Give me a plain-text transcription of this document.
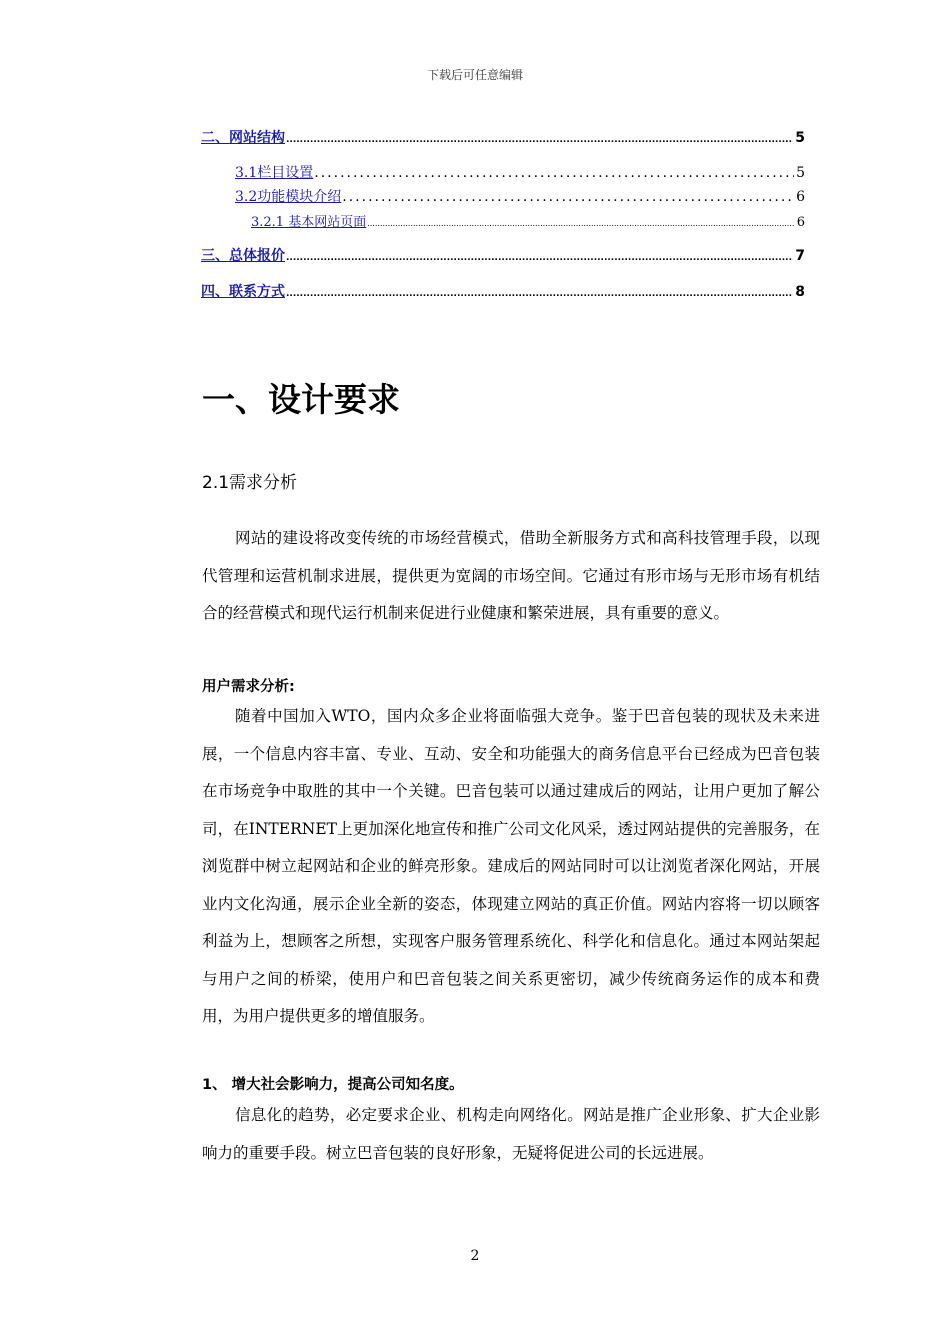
下载后可任意编辑
二、网站结构 .....	5
3.1栏目设置 .....	5
3.2功能模块介绍 .....	6
3.2.1 基本网站页面 .....	6
三、总体报价 .....	7
四、联系方式 .....	8
一、设计要求
2.1需求分析

网站的建设将改变传统的市场经营模式，借助全新服务方式和高科技管理手段，以现代管理和运营机制求进展，提供更为宽阔的市场空间。它通过有形市场与无形市场有机结合的经营模式和现代运行机制来促进行业健康和繁荣进展，具有重要的意义。

用户需求分析:

随着中国加入WTO，国内众多企业将面临强大竞争。鉴于巴音包装的现状及未来进展，一个信息内容丰富、专业、互动、安全和功能强大的商务信息平台已经成为巴音包装在市场竞争中取胜的其中一个关键。巴音包装可以通过建成后的网站，让用户更加了解公司，在INTERNET上更加深化地宣传和推广公司文化风采，透过网站提供的完善服务，在浏览群中树立起网站和企业的鲜亮形象。建成后的网站同时可以让浏览者深化网站，开展业内文化沟通，展示企业全新的姿态，体现建立网站的真正价值。网站内容将一切以顾客利益为上，想顾客之所想，实现客户服务管理系统化、科学化和信息化。通过本网站架起与用户之间的桥梁，使用户和巴音包装之间关系更密切，减少传统商务运作的成本和费用，为用户提供更多的增值服务。

1、 增大社会影响力，提高公司知名度。

信息化的趋势，必定要求企业、机构走向网络化。网站是推广企业形象、扩大企业影响力的重要手段。树立巴音包装的良好形象，无疑将促进公司的长远进展。

2
